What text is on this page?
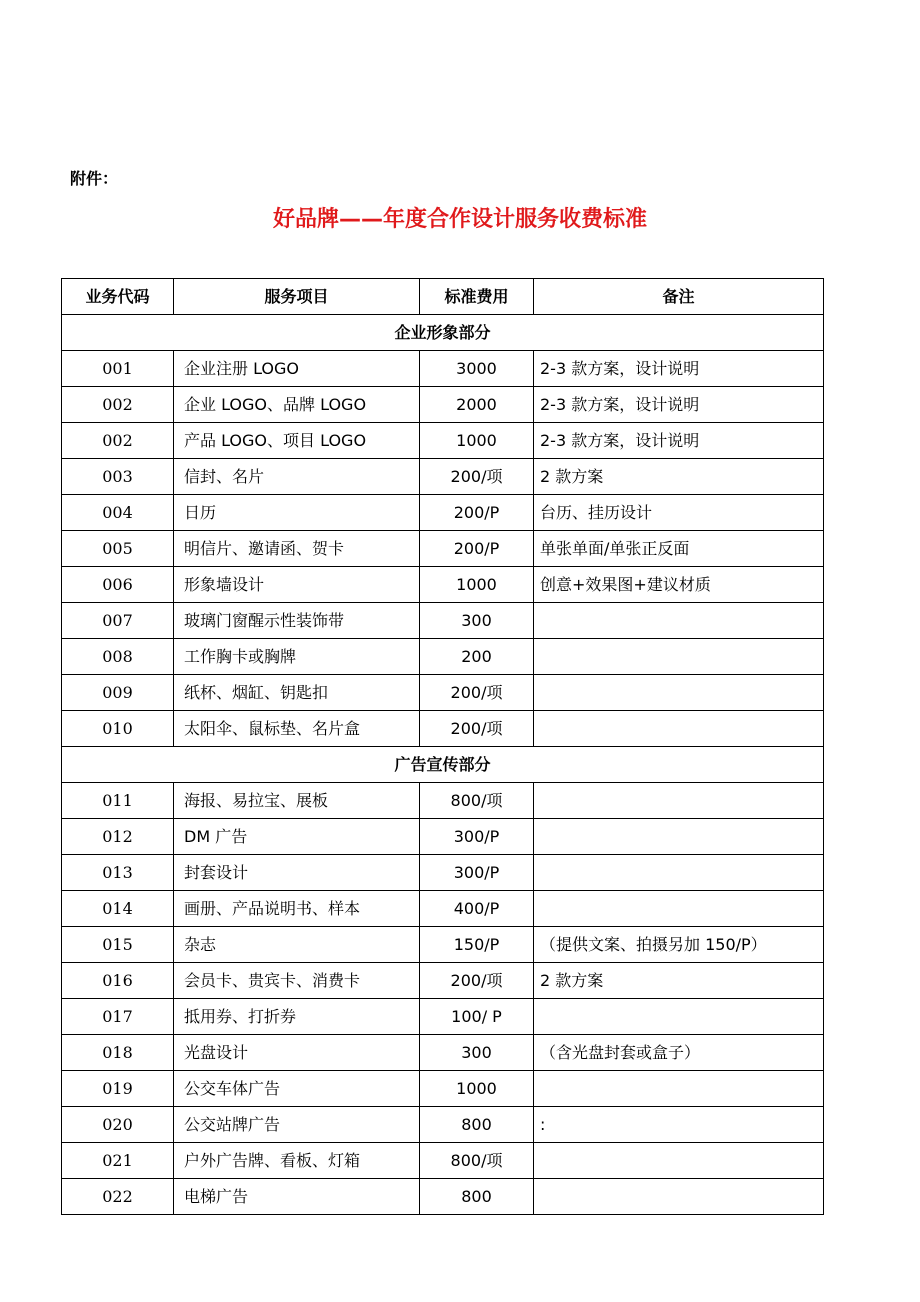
附件：
好品牌——年度合作设计服务收费标准
业务代码	服务项目	标准费用	备注
企业形象部分			
001	企业注册 LOGO	3000	2-3 款方案，设计说明
002	企业 LOGO、品牌 LOGO	2000	2-3 款方案，设计说明
002	产品 LOGO、项目 LOGO	1000	2-3 款方案，设计说明
003	信封、名片	200/项	2 款方案
004	日历	200/P	台历、挂历设计
005	明信片、邀请函、贺卡	200/P	单张单面/单张正反面
006	形象墙设计	1000	创意+效果图+建议材质
007	玻璃门窗醒示性装饰带	300	
008	工作胸卡或胸牌	200	
009	纸杯、烟缸、钥匙扣	200/项	
010	太阳伞、鼠标垫、名片盒	200/项	
广告宣传部分			
011	海报、易拉宝、展板	800/项	
012	DM 广告	300/P	
013	封套设计	300/P	
014	画册、产品说明书、样本	400/P	
015	杂志	150/P	（提供文案、拍摄另加 150/P）
016	会员卡、贵宾卡、消费卡	200/项	2 款方案
017	抵用券、打折券	100/ P	
018	光盘设计	300	（含光盘封套或盒子）
019	公交车体广告	1000	
020	公交站牌广告	800	:
021	户外广告牌、看板、灯箱	800/项	
022	电梯广告	800	
